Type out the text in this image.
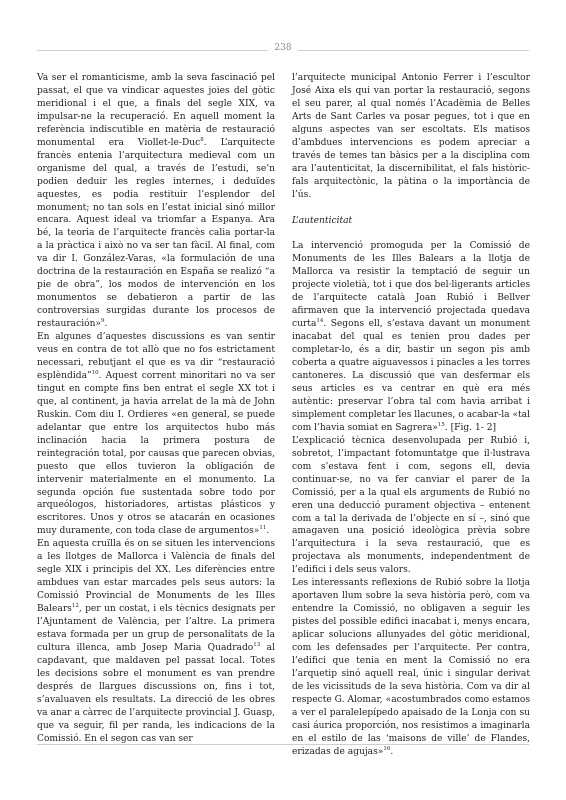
238

Va ser el romanticisme, amb la seva fascinació pel passat, el que va vindicar aquestes joies del gòtic meridional i el que, a finals del segle XIX, va impulsar-ne la recuperació. En aquell moment la referència indiscutible en matèria de restauració monumental era Viollet-le-Duc$^8$. L’arquitecte francès entenia l’arquitectura medieval com un organisme del qual, a través de l’estudi, se’n podien deduir les regles internes, i deduïdes aquestes, es podia restituir l’esplendor del monument; no tan sols en l’estat inicial sinó millor encara. Aquest ideal va triomfar a Espanya. Ara bé, la teoria de l’arquitecte francès calia portar-la a la pràctica i això no va ser tan fàcil. Al final, com va dir I. González-Varas, «la formulación de una doctrina de la restauración en España se realizó “a pie de obra”, los modos de intervención en los monumentos se debatieron a partir de las controversias surgidas durante los procesos de restauración»$^9$.

En algunes d’aquestes discussions es van sentir veus en contra de tot allò que no fos estrictament necessari, rebutjant el que es va dir “restauració esplèndida”$^{10}$. Aquest corrent minoritari no va ser tingut en compte fins ben entrat el segle XX tot i que, al continent, ja havia arrelat de la mà de John Ruskin. Com diu I. Ordieres «en general, se puede adelantar que entre los arquitectos hubo más inclinación hacia la primera postura de reintegración total, por causas que parecen obvias, puesto que ellos tuvieron la obligación de intervenir materialmente en el monumento. La segunda opción fue sustentada sobre todo por arqueólogos, historiadores, artistas plásticos y escritores. Unos y otros se atacarán en ocasiones muy duramente, con toda clase de argumentos»$^{11}$.

En aquesta cruïlla és on se situen les intervencions a les llotges de Mallorca i València de finals del segle XIX i principis del XX. Les diferències entre ambdues van estar marcades pels seus autors: la Comissió Provincial de Monuments de les Illes Balears$^{12}$, per un costat, i els tècnics designats per l’Ajuntament de València, per l’altre. La primera estava formada per un grup de personalitats de la cultura illenca, amb Josep Maria Quadrado$^{13}$ al capdavant, que maldaven pel passat local. Totes les decisions sobre el monument es van prendre després de llargues discussions on, fins i tot, s’avaluaven els resultats. La direcció de les obres va anar a càrrec de l’arquitecte provincial J. Guasp, que va seguir, fil per randa, les indicacions de la Comissió. En el segon cas van ser

l’arquitecte municipal Antonio Ferrer i l’escultor José Aixa els qui van portar la restauració, segons el seu parer, al qual només l’Acadèmia de Belles Arts de Sant Carles va posar pegues, tot i que en alguns aspectes van ser escoltats. Els matisos d’ambdues intervencions es podem apreciar a través de temes tan bàsics per a la disciplina com ara l’autenticitat, la discernibilitat, el fals històric-fals arquitectònic, la pàtina o la importància de l’ús.

L’autenticitat

La intervenció promoguda per la Comissió de Monuments de les Illes Balears a la llotja de Mallorca va resistir la temptació de seguir un projecte violetià, tot i que dos bel·ligerants articles de l’arquitecte català Joan Rubió i Bellver afirmaven que la intervenció projectada quedava curta$^{14}$. Segons ell, s’estava davant un monument inacabat del qual es tenien prou dades per completar-lo, és a dir, bastir un segon pis amb coberta a quatre aiguavessos i pinacles a les torres cantoneres. La discussió que van desfermar els seus articles es va centrar en què era més autèntic: preservar l’obra tal com havia arribat i simplement completar les llacunes, o acabar-la «tal com l’havia somiat en Sagrera»$^{15}$. [Fig. 1- 2]

L’explicació tècnica desenvolupada per Rubió i, sobretot, l’impactant fotomuntatge que il·lustrava com s’estava fent i com, segons ell, devia continuar-se, no va fer canviar el parer de la Comissió, per a la qual els arguments de Rubió no eren una deducció purament objectiva – entenent com a tal la derivada de l’objecte en sí –, sinó que amagaven una posició ideològica prèvia sobre l’arquitectura i la seva restauració, que es projectava als monuments, independentment de l’edifici i dels seus valors.

Les interessants reflexions de Rubió sobre la llotja aportaven llum sobre la seva història però, com va entendre la Comissió, no obligaven a seguir les pistes del possible edifici inacabat i, menys encara, aplicar solucions allunyades del gòtic meridional, com les defensades per l’arquitecte. Per contra, l’edifici que tenia en ment la Comissió no era l’arquetip sinó aquell real, únic i singular derivat de les vicissituds de la seva història. Com va dir al respecte G. Alomar, «acostumbrados como estamos a ver el paralelepípedo apaisado de la Lonja con su casi áurica proporción, nos resistimos a imaginarla en el estilo de las ‘maisons de ville’ de Flandes, erizadas de agujas»$^{16}$.
